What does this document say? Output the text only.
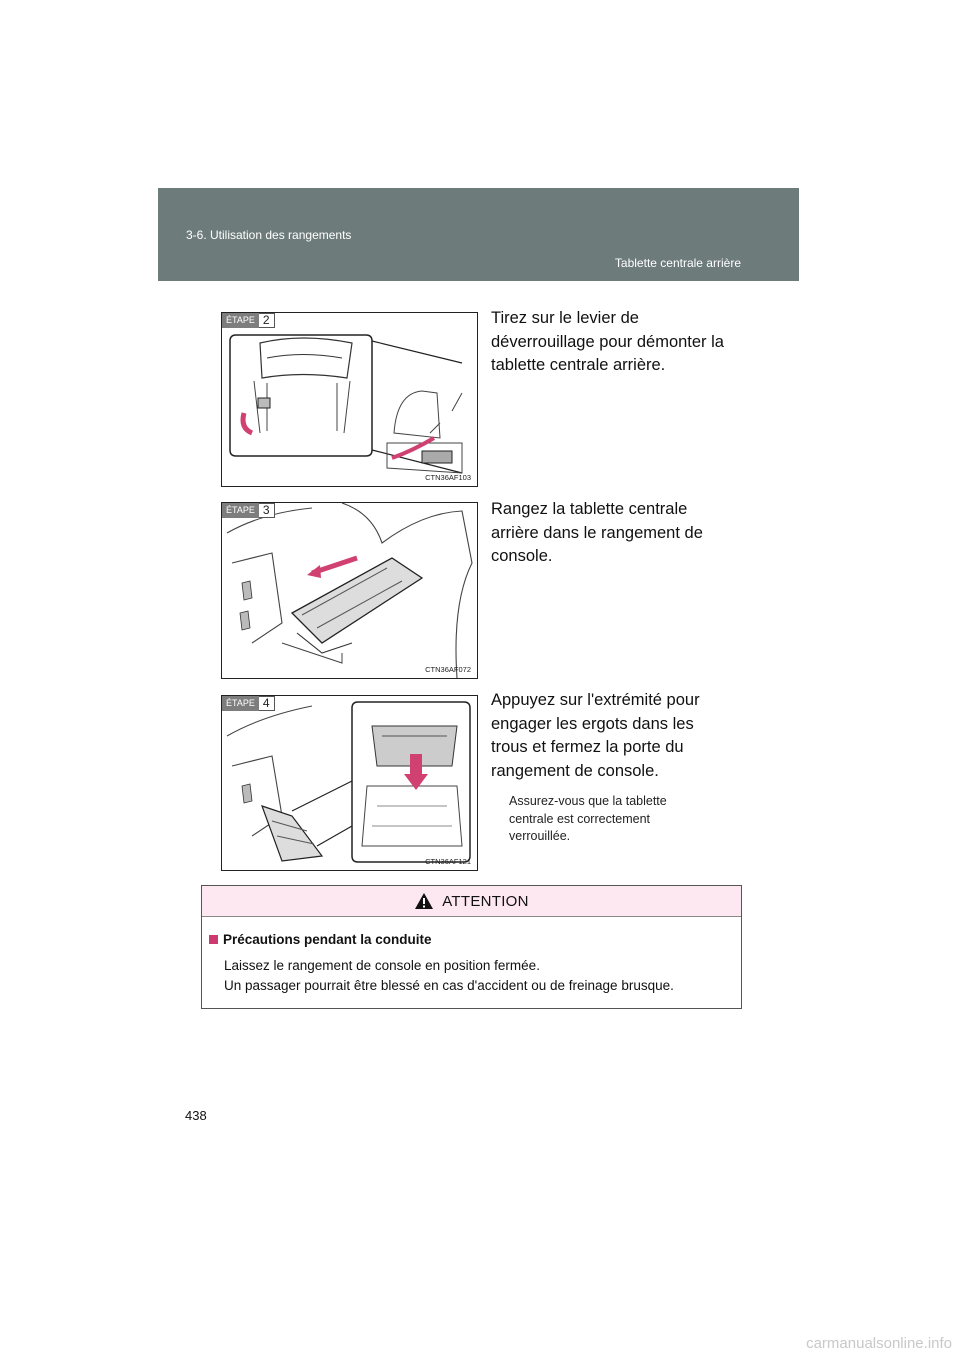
3-6. Utilisation des rangements
Tablette centrale arrière
ÉTAPE 2
CTN36AF103
Tirez sur le levier de
déverrouillage pour démonter la
tablette centrale arrière.
ÉTAPE 3
CTN36AF072
Rangez la tablette centrale
arrière dans le rangement de
console.
ÉTAPE 4
CTN36AF121
Appuyez sur l'extrémité pour
engager les ergots dans les
trous et fermez la porte du
rangement de console.
Assurez-vous que la tablette
centrale est correctement
verrouillée.
ATTENTION
Précautions pendant la conduite
Laissez le rangement de console en position fermée.
Un passager pourrait être blessé en cas d'accident ou de freinage brusque.
438
carmanualsonline.info
